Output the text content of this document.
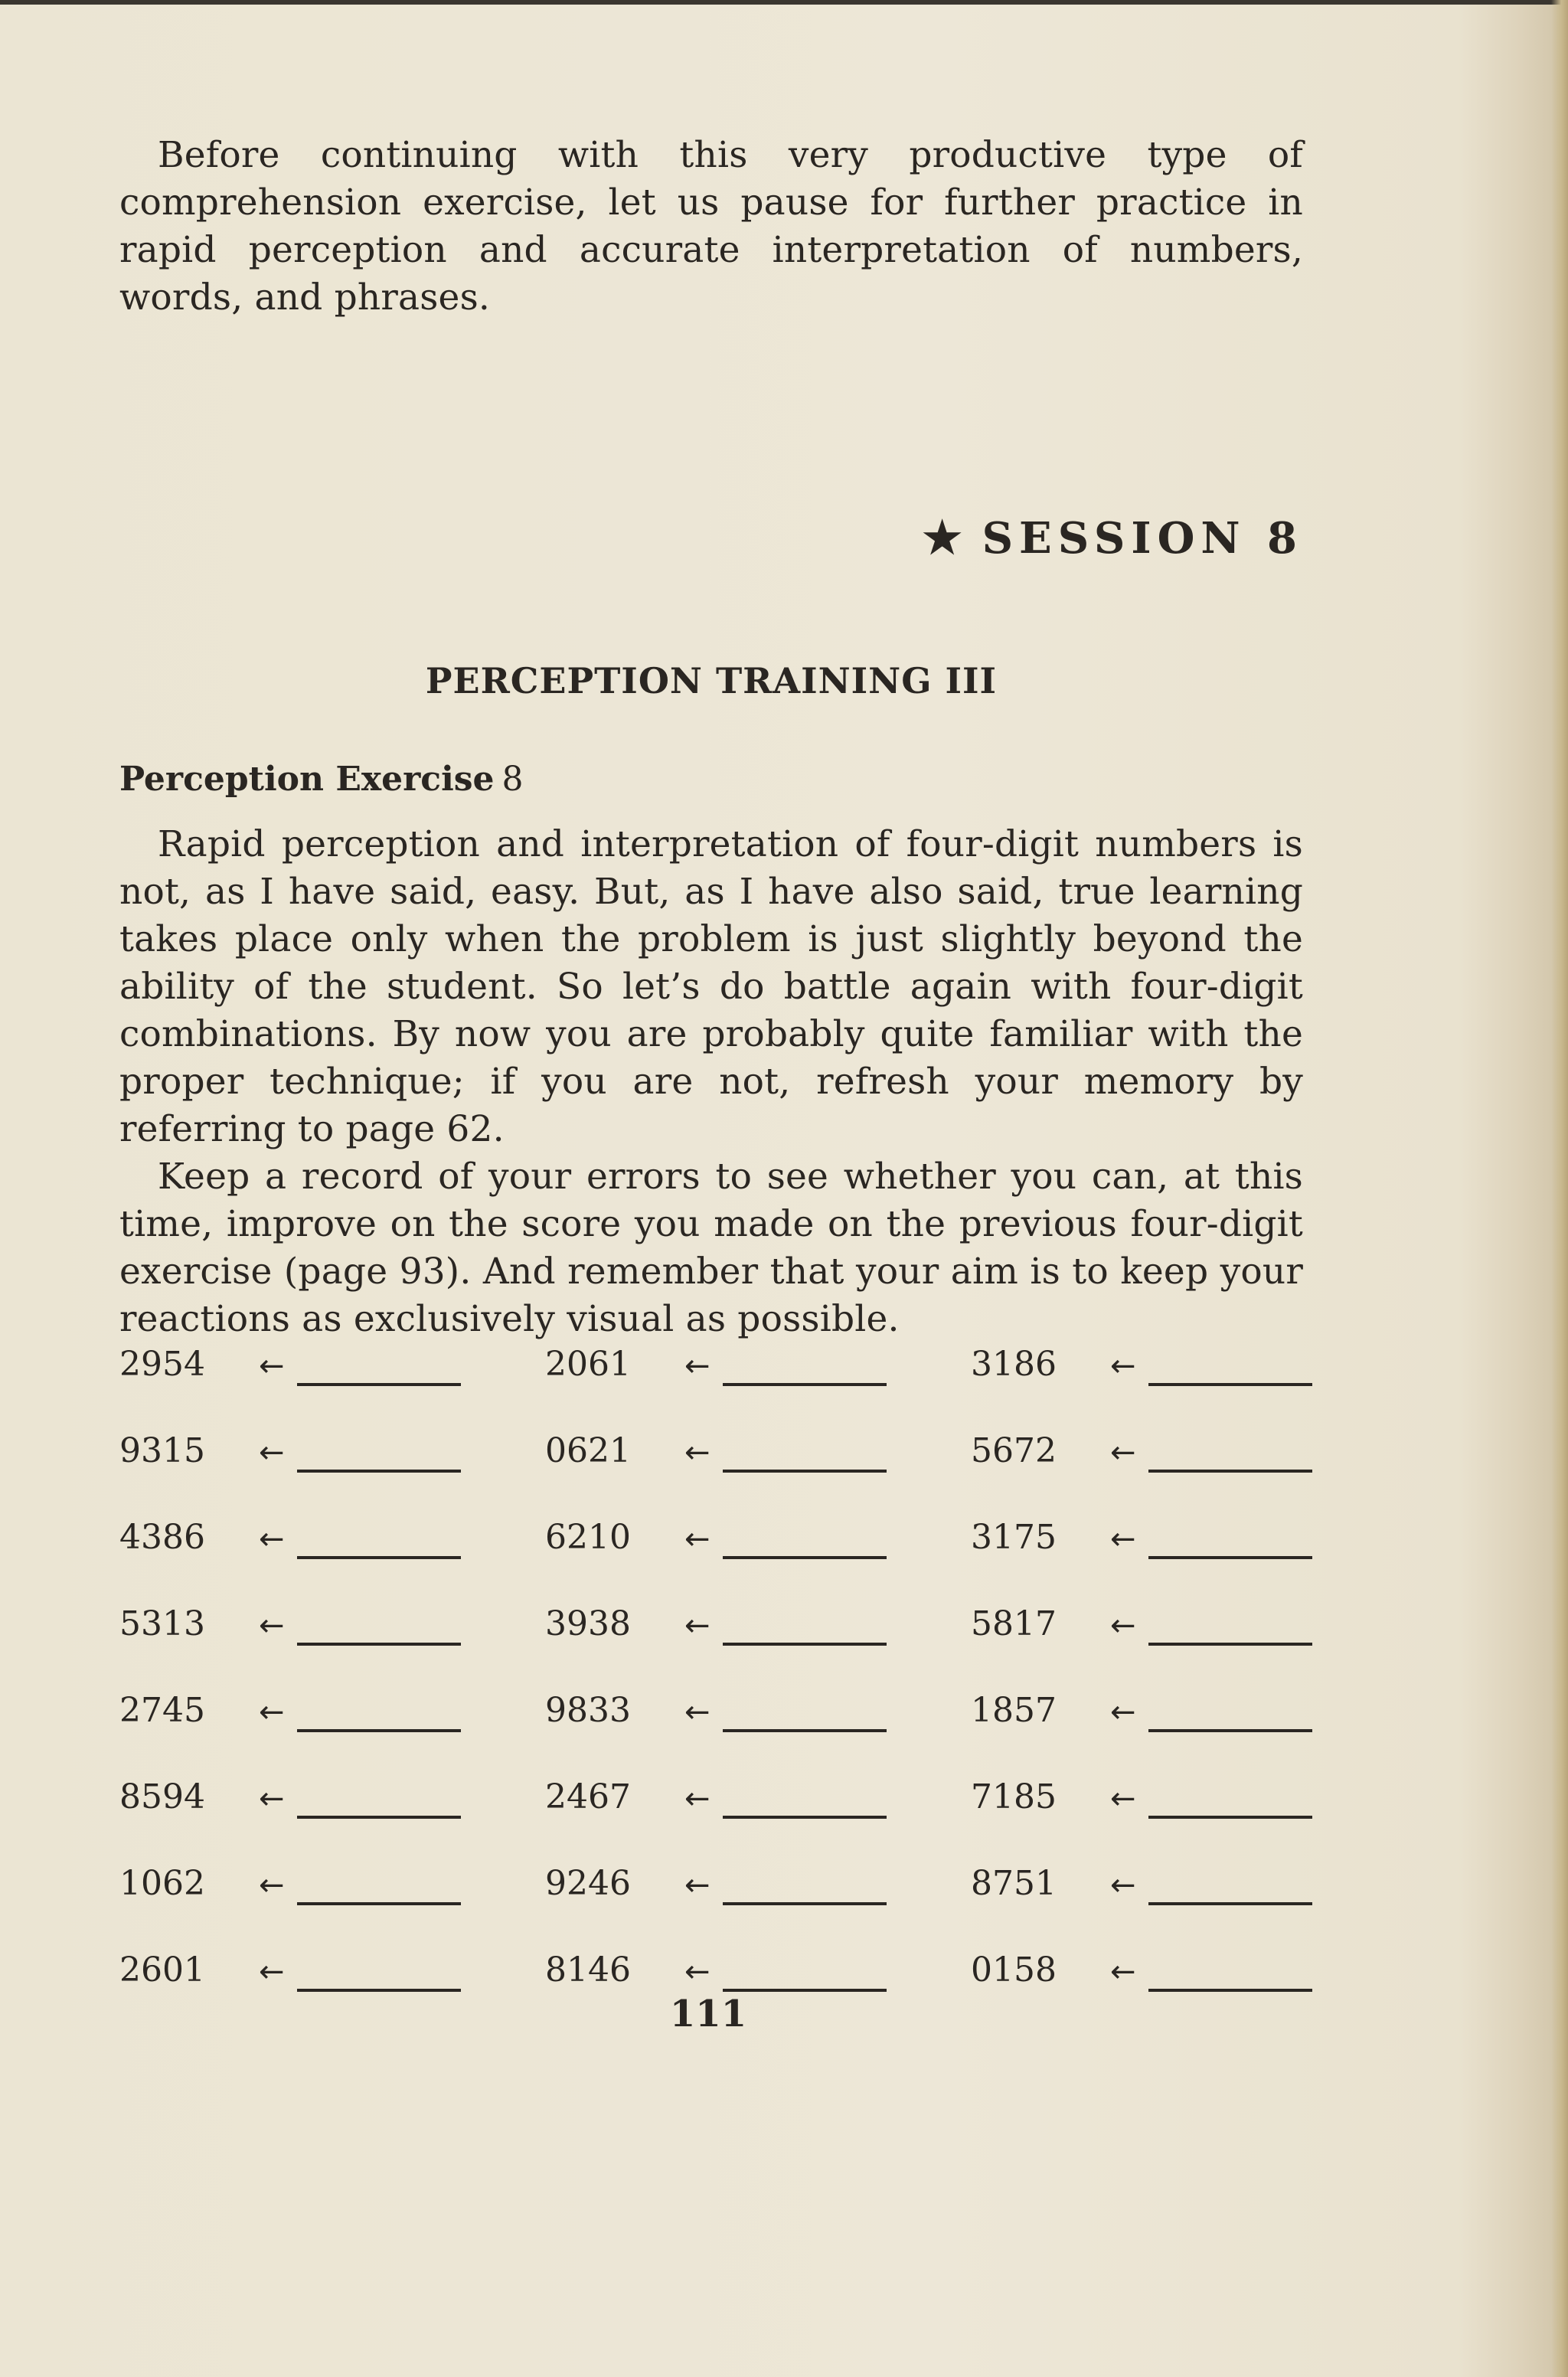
Before continuing with this very productive type of comprehension exercise, let us pause for further practice in rapid perception and accurate interpretation of numbers, words, and phrases.

★ SESSION 8
PERCEPTION TRAINING III
Perception Exercise 8

Rapid perception and interpretation of four-digit numbers is not, as I have said, easy. But, as I have also said, true learning takes place only when the problem is just slightly beyond the ability of the student. So let’s do battle again with four-digit combinations. By now you are probably quite familiar with the proper technique; if you are not, refresh your memory by referring to page 62.

Keep a record of your errors to see whether you can, at this time, improve on the score you made on the previous four-digit exercise (page 93). And remember that your aim is to keep your reactions as exclusively visual as possible.

2954 ←	2061 ←	3186 ←
9315 ←	0621 ←	5672 ←
4386 ←	6210 ←	3175 ←
5313 ←	3938 ←	5817 ←
2745 ←	9833 ←	1857 ←
8594 ←	2467 ←	7185 ←
1062 ←	9246 ←	8751 ←
2601 ←	8146 ←	0158 ←
111
